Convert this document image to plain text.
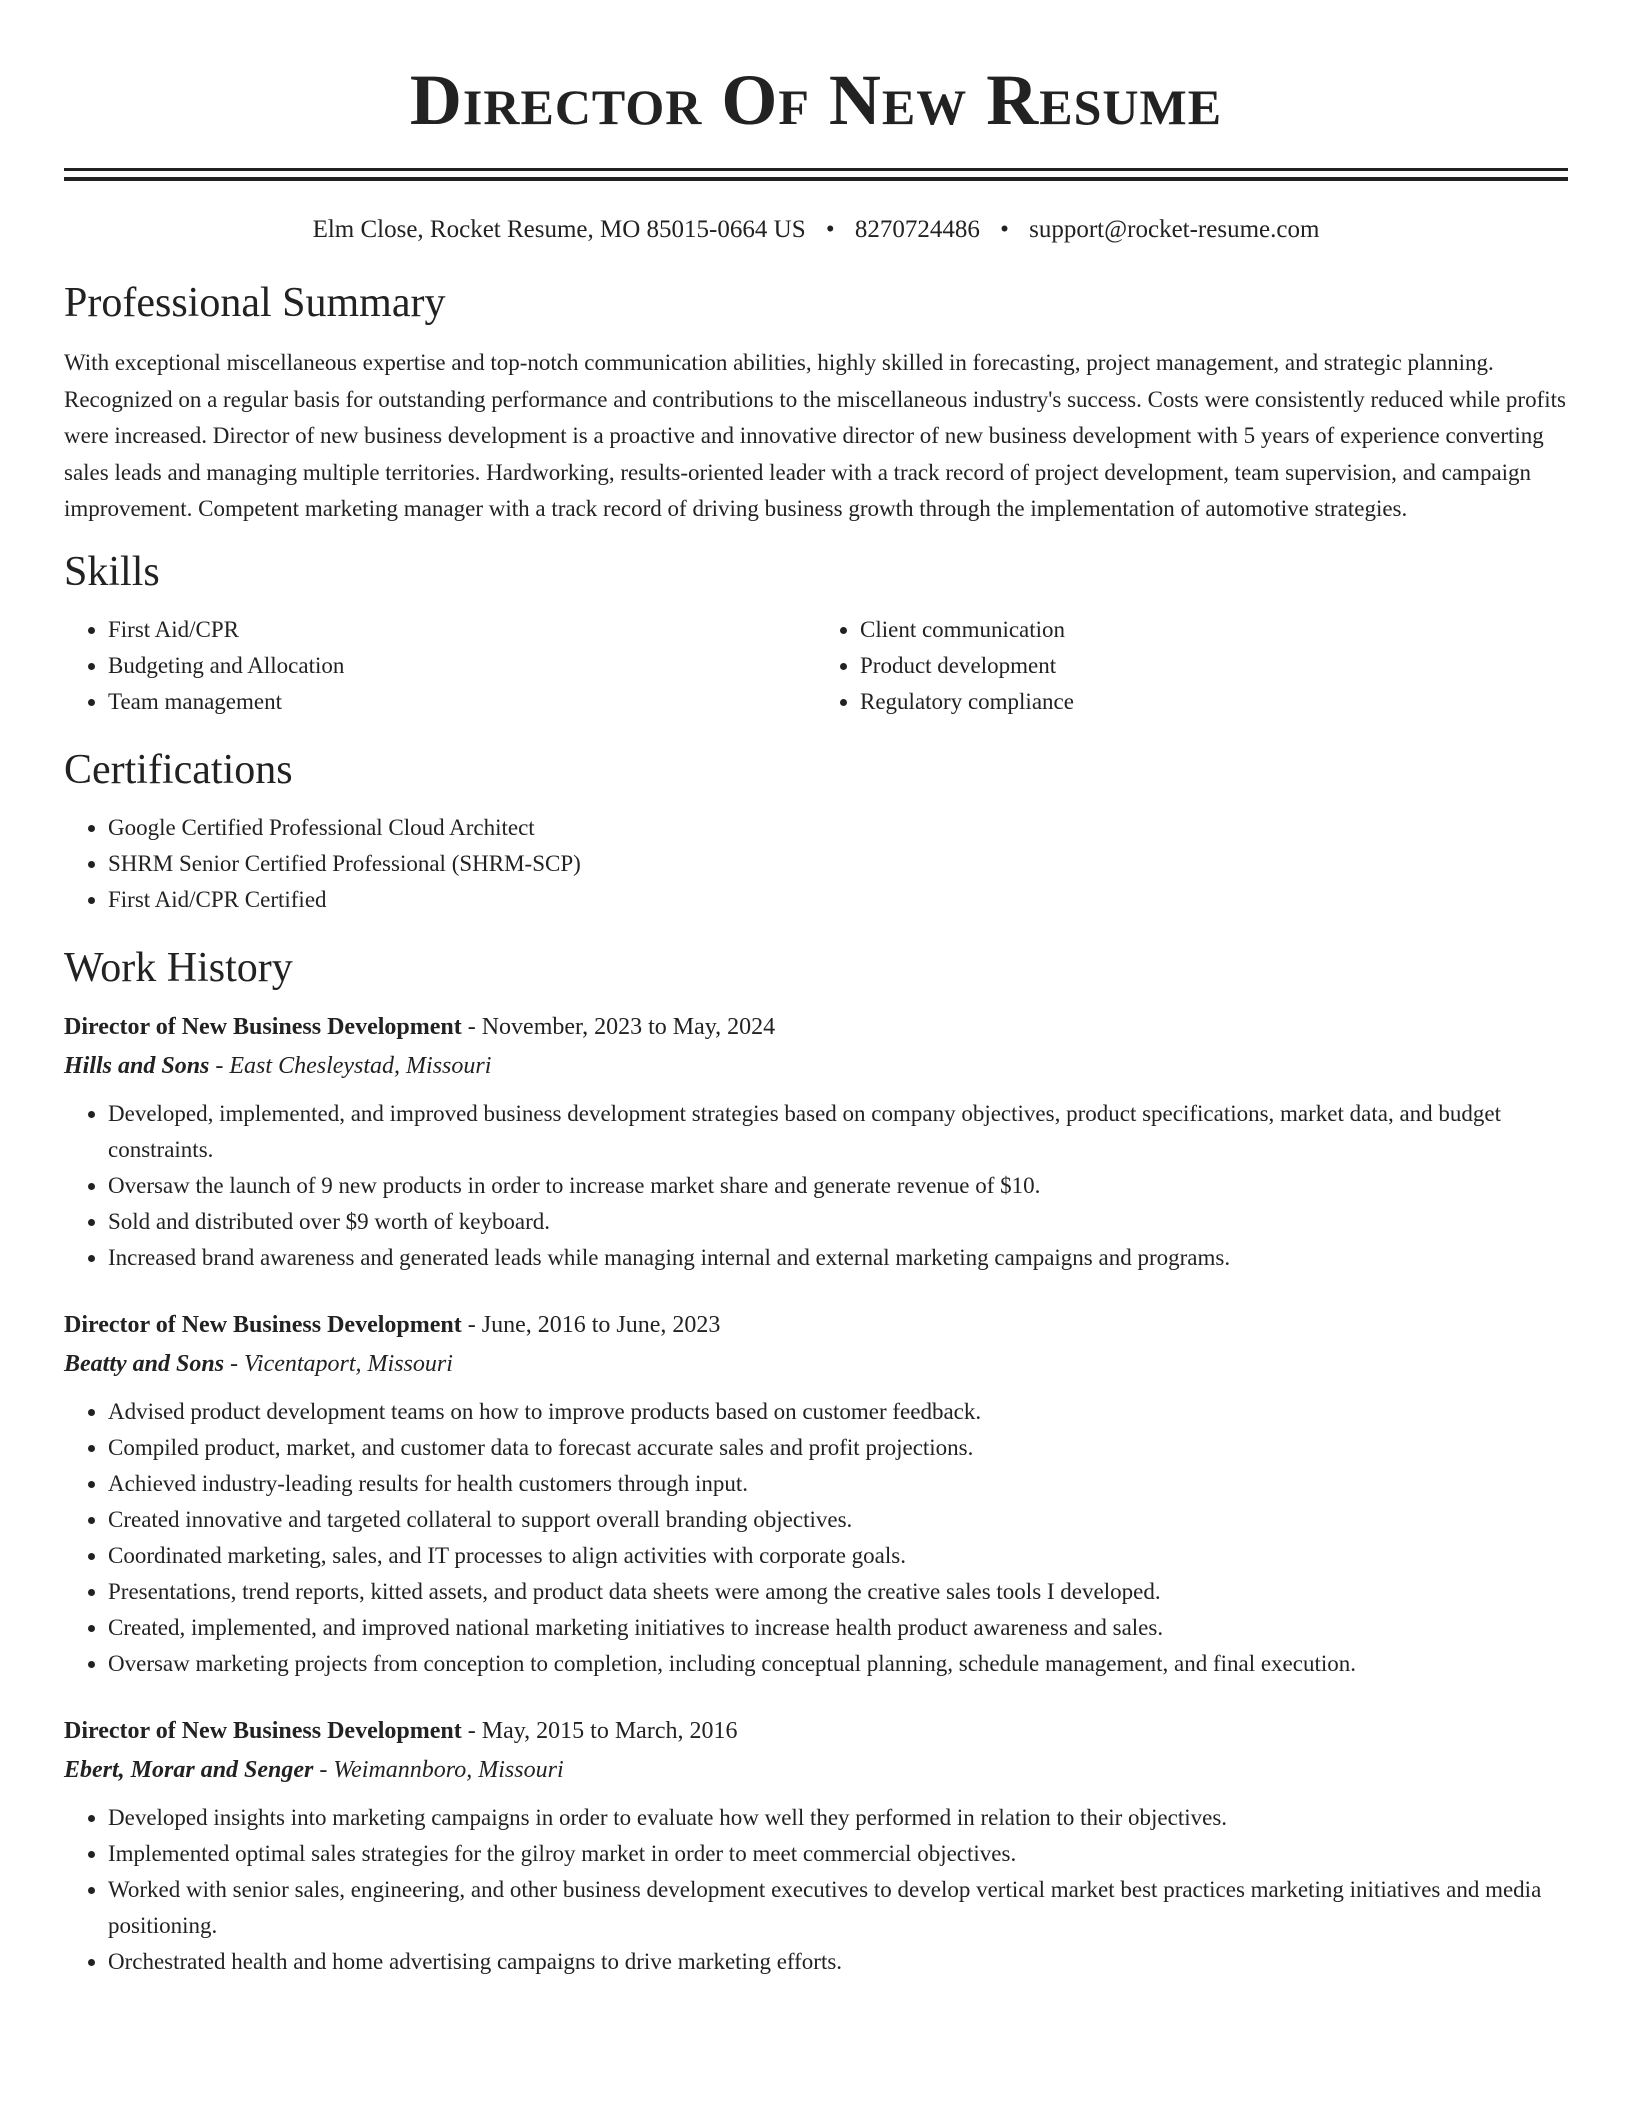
Director Of New Resume
Elm Close, Rocket Resume, MO 85015-0664 US • 8270724486 • support@rocket-resume.com
Professional Summary
With exceptional miscellaneous expertise and top-notch communication abilities, highly skilled in forecasting, project management, and strategic planning. Recognized on a regular basis for outstanding performance and contributions to the miscellaneous industry's success. Costs were consistently reduced while profits were increased. Director of new business development is a proactive and innovative director of new business development with 5 years of experience converting sales leads and managing multiple territories. Hardworking, results-oriented leader with a track record of project development, team supervision, and campaign improvement. Competent marketing manager with a track record of driving business growth through the implementation of automotive strategies.
Skills
• First Aid/CPR
• Budgeting and Allocation
• Team management
• Client communication
• Product development
• Regulatory compliance
Certifications
• Google Certified Professional Cloud Architect
• SHRM Senior Certified Professional (SHRM-SCP)
• First Aid/CPR Certified
Work History
Director of New Business Development - November, 2023 to May, 2024
Hills and Sons - East Chesleystad, Missouri
• Developed, implemented, and improved business development strategies based on company objectives, product specifications, market data, and budget constraints.
• Oversaw the launch of 9 new products in order to increase market share and generate revenue of $10.
• Sold and distributed over $9 worth of keyboard.
• Increased brand awareness and generated leads while managing internal and external marketing campaigns and programs.
Director of New Business Development - June, 2016 to June, 2023
Beatty and Sons - Vicentaport, Missouri
• Advised product development teams on how to improve products based on customer feedback.
• Compiled product, market, and customer data to forecast accurate sales and profit projections.
• Achieved industry-leading results for health customers through input.
• Created innovative and targeted collateral to support overall branding objectives.
• Coordinated marketing, sales, and IT processes to align activities with corporate goals.
• Presentations, trend reports, kitted assets, and product data sheets were among the creative sales tools I developed.
• Created, implemented, and improved national marketing initiatives to increase health product awareness and sales.
• Oversaw marketing projects from conception to completion, including conceptual planning, schedule management, and final execution.
Director of New Business Development - May, 2015 to March, 2016
Ebert, Morar and Senger - Weimannboro, Missouri
• Developed insights into marketing campaigns in order to evaluate how well they performed in relation to their objectives.
• Implemented optimal sales strategies for the gilroy market in order to meet commercial objectives.
• Worked with senior sales, engineering, and other business development executives to develop vertical market best practices marketing initiatives and media positioning.
• Orchestrated health and home advertising campaigns to drive marketing efforts.
